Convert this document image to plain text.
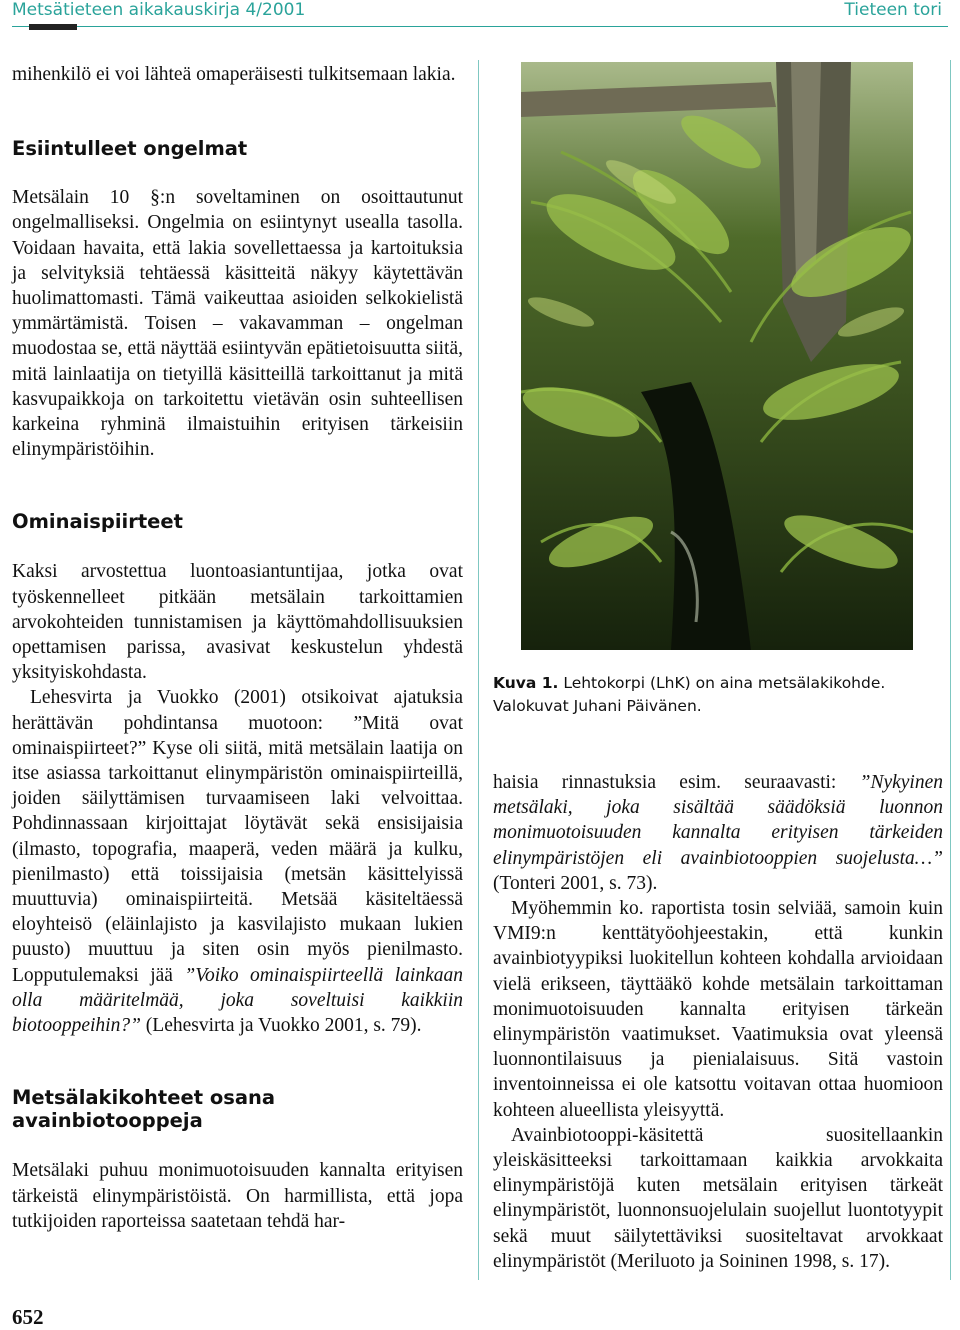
Metsätieteen aikakauskirja 4/2001	Tieteen tori

mihenkilö ei voi lähteä omaperäisesti tulkitsemaan lakia.

Esiintulleet ongelmat

Metsälain 10 §:n soveltaminen on osoittautunut ongelmalliseksi. Ongelmia on esiintynyt usealla tasolla. Voidaan havaita, että lakia sovellettaessa ja kartoituksia ja selvityksiä tehtäessä käsitteitä näkyy käytettävän huolimattomasti. Tämä vaikeuttaa asioiden selkokielistä ymmärtämistä. Toisen – vakavamman – ongelman muodostaa se, että näyttää esiintyvän epätietoisuutta siitä, mitä lainlaatija on tietyillä käsitteillä tarkoittanut ja mitä kasvupaikkoja on tarkoitettu vietävän osin suhteellisen karkeina ryhminä ilmaistuihin erityisen tärkeisiin elinympäristöihin.

Ominaispiirteet

Kaksi arvostettua luontoasiantuntijaa, jotka ovat työskennelleet pitkään metsälain tarkoittamien arvokohteiden tunnistamisen ja käyttömahdollisuuksien opettamisen parissa, avasivat keskustelun yhdestä yksityiskohdasta.

Lehesvirta ja Vuokko (2001) otsikoivat ajatuksia herättävän pohdintansa muotoon: ”Mitä ovat ominaispiirteet?” Kyse oli siitä, mitä metsälain laatija on itse asiassa tarkoittanut elinympäristön ominaispiirteillä, joiden säilyttämisen turvaamiseen laki velvoittaa. Pohdinnassaan kirjoittajat löytävät sekä ensisijaisia (ilmasto, topografia, maaperä, veden määrä ja kulku, pienilmasto) että toissijaisia (metsän käsittelyissä muuttuvia) ominaispiirteitä. Metsää käsiteltäessä eloyhteisö (eläinlajisto ja kasvilajisto mukaan lukien puusto) muuttuu ja siten osin myös pienilmasto. Lopputulemaksi jää ”Voiko ominaispiirteellä lainkaan olla määritelmää, joka soveltuisi kaikkiin biotooppeihin?” (Lehesvirta ja Vuokko 2001, s. 79).

Metsälakikohteet osana avainbiotooppeja

Metsälaki puhuu monimuotoisuuden kannalta erityisen tärkeistä elinympäristöistä. On harmillista, että jopa tutkijoiden raporteissa saatetaan tehdä har-

Kuva 1. Lehtokorpi (LhK) on aina metsälakikohde. Valokuvat Juhani Päivänen.

haisia rinnastuksia esim. seuraavasti: ”Nykyinen metsälaki, joka sisältää säädöksiä luonnon monimuotoisuuden kannalta erityisen tärkeiden elinympäristöjen eli avainbiotooppien suojelusta…” (Tonteri 2001, s. 73).

Myöhemmin ko. raportista tosin selviää, samoin kuin VMI9:n kenttätyöohjeestakin, että kunkin avainbiotyypiksi luokitellun kohteen kohdalla arvioidaan vielä erikseen, täyttääkö kohde metsälain tarkoittaman monimuotoisuuden kannalta erityisen tärkeän elinympäristön vaatimukset. Vaatimuksia ovat yleensä luonnontilaisuus ja pienialaisuus. Sitä vastoin inventoinneissa ei ole katsottu voitavan ottaa huomioon kohteen alueellista yleisyyttä.

Avainbiotooppi-käsitettä suositellaankin yleiskäsitteeksi tarkoittamaan kaikkia arvokkaita elinympäristöjä kuten metsälain erityisen tärkeät elinympäristöt, luonnonsuojelulain suojellut luontotyypit sekä muut säilytettäviksi suositeltavat arvokkaat elinympäristöt (Meriluoto ja Soininen 1998, s. 17).

652
